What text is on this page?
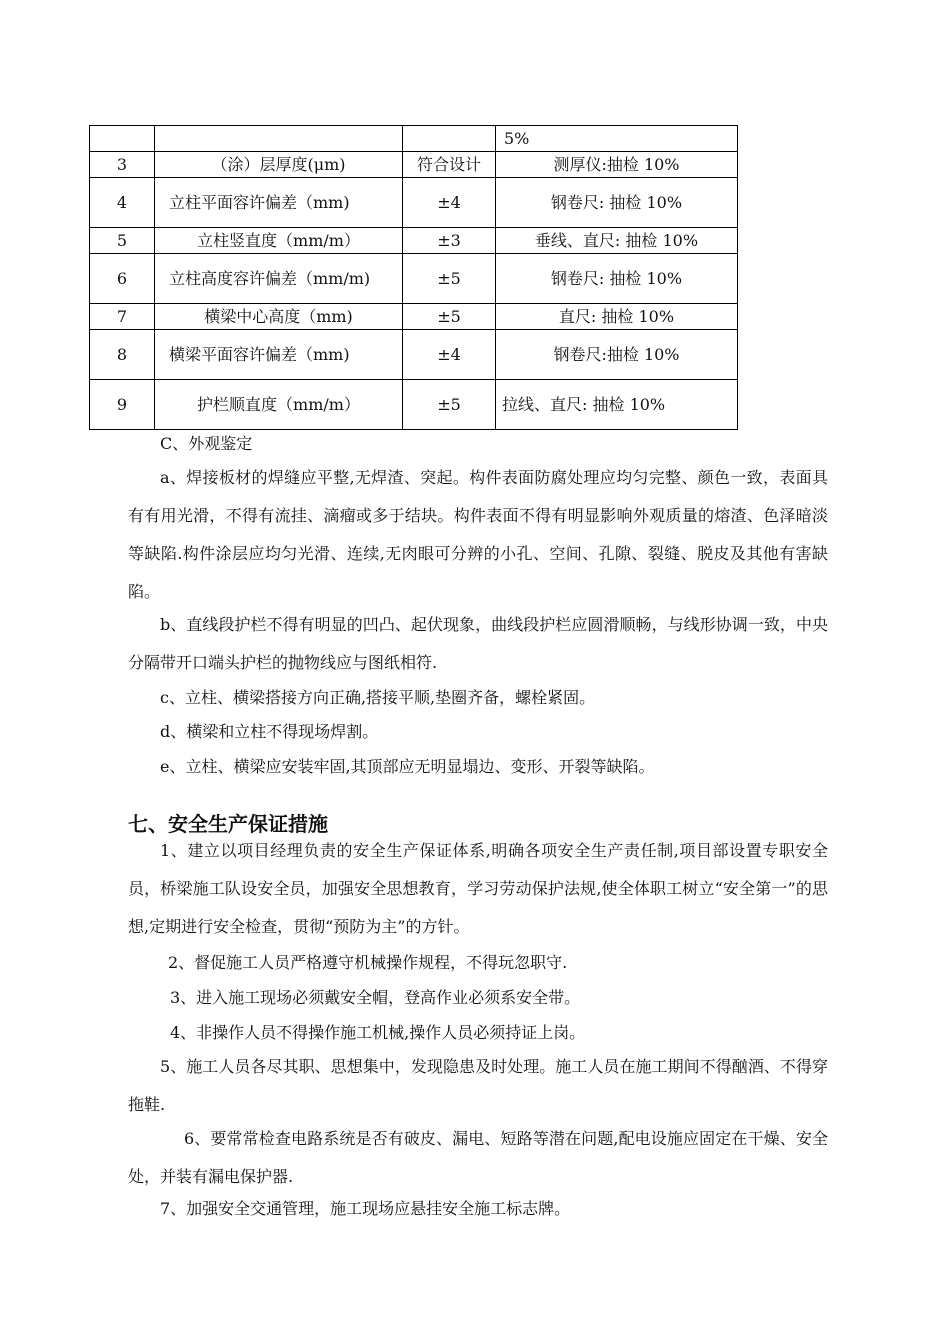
			5%
3	（涂）层厚度(μm)	符合设计	测厚仪:抽检 10%
4	立柱平面容许偏差（mm)	±4	钢卷尺: 抽检 10%
5	立柱竖直度（mm/m）	±3	垂线、直尺: 抽检 10%
6	立柱高度容许偏差（mm/m)	±5	钢卷尺: 抽检 10%
7	横梁中心高度（mm)	±5	直尺: 抽检 10%
8	横梁平面容许偏差（mm)	±4	钢卷尺:抽检 10%
9	护栏顺直度（mm/m）	±5	拉线、直尺: 抽检 10%
C、外观鉴定
a、焊接板材的焊缝应平整,无焊渣、突起。构件表面防腐处理应均匀完整、颜色一致，表面具有有用光滑，不得有流挂、滴瘤或多于结块。构件表面不得有明显影响外观质量的熔渣、色泽暗淡等缺陷.构件涂层应均匀光滑、连续,无肉眼可分辨的小孔、空间、孔隙、裂缝、脱皮及其他有害缺陷。
b、直线段护栏不得有明显的凹凸、起伏现象，曲线段护栏应圆滑顺畅，与线形协调一致，中央分隔带开口端头护栏的抛物线应与图纸相符.
c、立柱、横梁搭接方向正确,搭接平顺,垫圈齐备，螺栓紧固。
d、横梁和立柱不得现场焊割。
e、立柱、横梁应安装牢固,其顶部应无明显塌边、变形、开裂等缺陷。
七、安全生产保证措施
1、建立以项目经理负责的安全生产保证体系,明确各项安全生产责任制,项目部设置专职安全员，桥梁施工队设安全员，加强安全思想教育，学习劳动保护法规,使全体职工树立“安全第一”的思想,定期进行安全检查，贯彻“预防为主”的方针。
2、督促施工人员严格遵守机械操作规程，不得玩忽职守.
3、进入施工现场必须戴安全帽，登高作业必须系安全带。
4、非操作人员不得操作施工机械,操作人员必须持证上岗。
5、施工人员各尽其职、思想集中，发现隐患及时处理。施工人员在施工期间不得酗酒、不得穿拖鞋.
6、要常常检查电路系统是否有破皮、漏电、短路等潜在问题,配电设施应固定在干燥、安全处，并装有漏电保护器.
7、加强安全交通管理，施工现场应悬挂安全施工标志牌。
